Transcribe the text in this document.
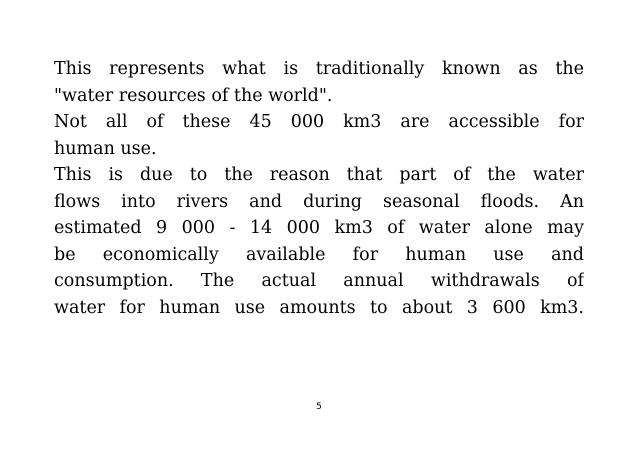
This represents what is traditionally known as the
"water resources of the world".
Not all of these 45 000 km3 are accessible for
human use.
This is due to the reason that part of the water
flows into rivers and during seasonal floods. An
estimated 9 000 - 14 000 km3 of water alone may
be economically available for human use and
consumption. The actual annual withdrawals of
water for human use amounts to about 3 600 km3.
5
